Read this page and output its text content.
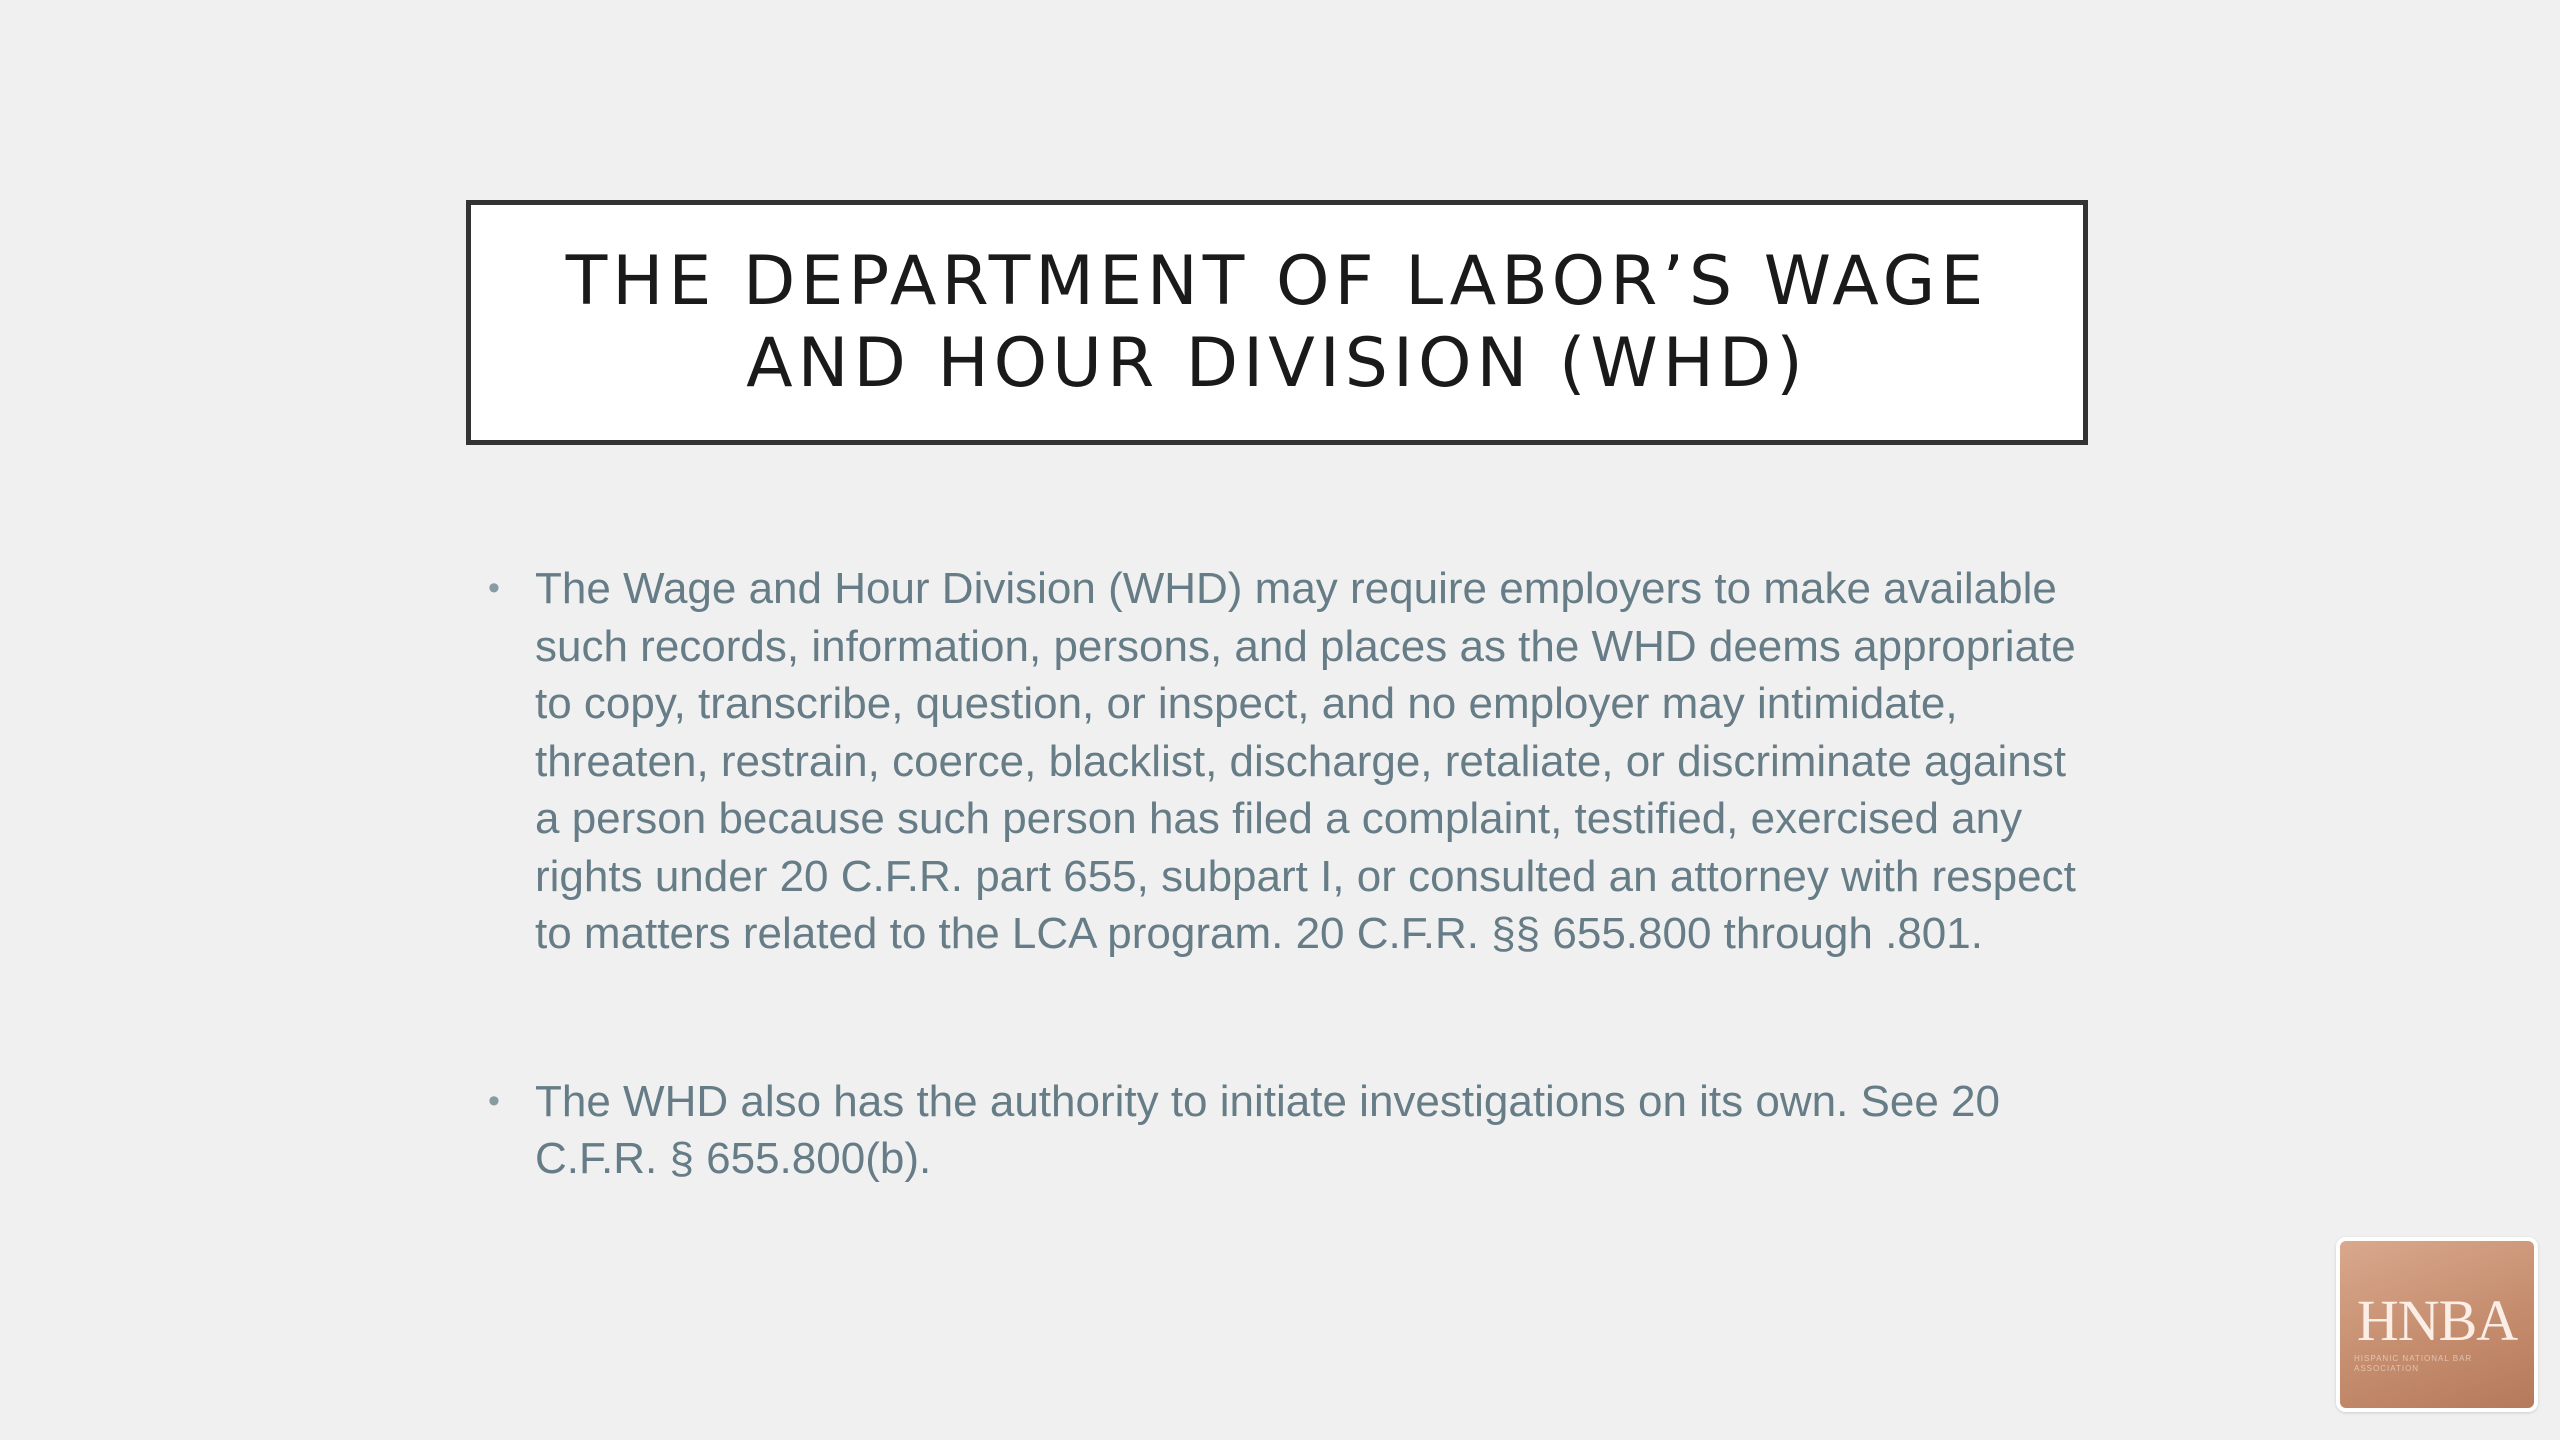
THE DEPARTMENT OF LABOR’S WAGE
AND HOUR DIVISION (WHD)
• The Wage and Hour Division (WHD) may require employers to make available such records, information, persons, and places as the WHD deems appropriate to copy, transcribe, question, or inspect, and no employer may intimidate, threaten, restrain, coerce, blacklist, discharge, retaliate, or discriminate against a person because such person has filed a complaint, testified, exercised any rights under 20 C.F.R. part 655, subpart I, or consulted an attorney with respect to matters related to the LCA program. 20 C.F.R. §§ 655.800 through .801.
• The WHD also has the authority to initiate investigations on its own. See 20 C.F.R. § 655.800(b).
HNBA
HISPANIC NATIONAL BAR ASSOCIATION
